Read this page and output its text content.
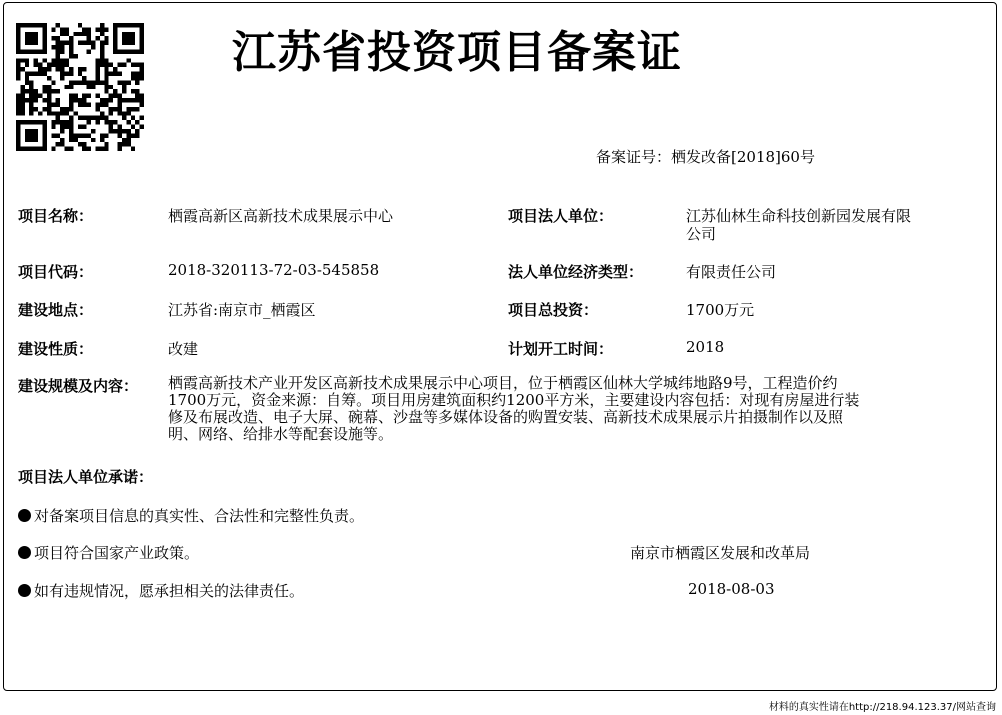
江苏省投资项目备案证
备案证号：栖发改备[2018]60号
项目名称：	栖霞高新区高新技术成果展示中心	项目法人单位：	江苏仙林生命科技创新园发展有限
公司
项目代码：	2018-320113-72-03-545858	法人单位经济类型：	有限责任公司
建设地点：	江苏省:南京市_栖霞区	项目总投资：	1700万元
建设性质：	改建	计划开工时间：	2018
建设规模及内容： 栖霞高新技术产业开发区高新技术成果展示中心项目，位于栖霞区仙林大学城纬地路9号，工程造价约
1700万元，资金来源：自筹。项目用房建筑面积约1200平方米，主要建设内容包括：对现有房屋进行装
修及布展改造、电子大屏、碗幕、沙盘等多媒体设备的购置安装、高新技术成果展示片拍摄制作以及照
明、网络、给排水等配套设施等。
项目法人单位承诺：
对备案项目信息的真实性、合法性和完整性负责。
项目符合国家产业政策。
如有违规情况，愿承担相关的法律责任。
南京市栖霞区发展和改革局
2018-08-03
材料的真实性请在http://218.94.123.37/网站查询
